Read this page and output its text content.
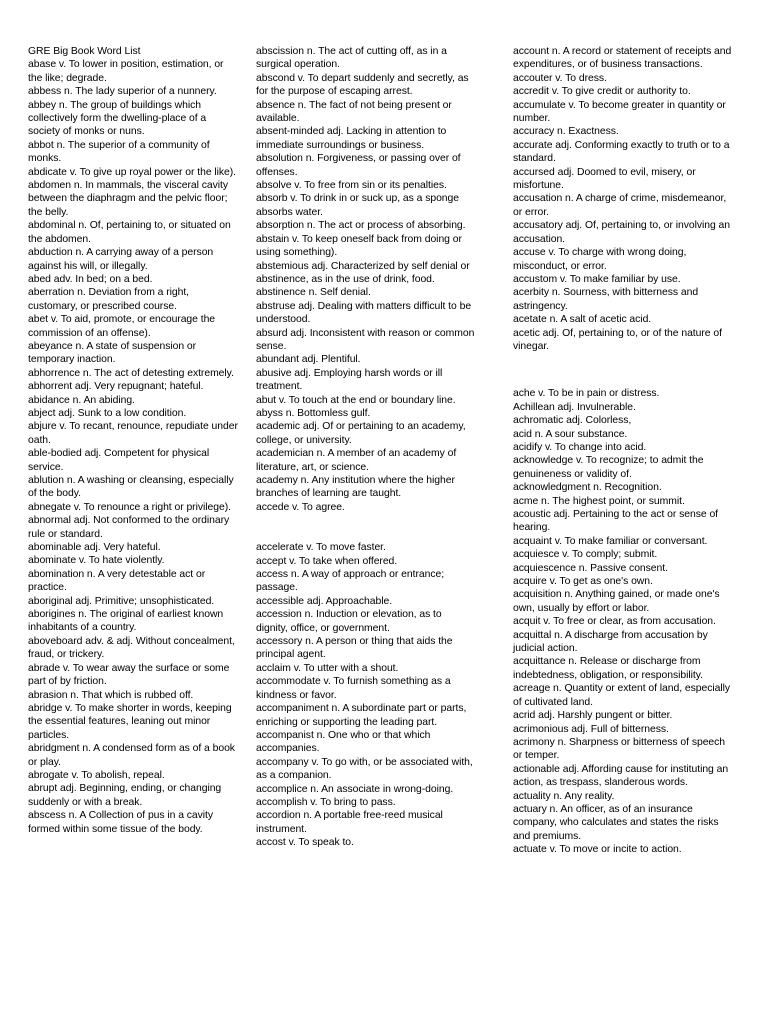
GRE Big Book Word List

abase v. To lower in position, estimation, or the like; degrade.

abbess n. The lady superior of a nunnery.

abbey n. The group of buildings which collectively form the dwelling-place of a society of monks or nuns.

abbot n. The superior of a community of monks.

abdicate v. To give up royal power or the like).

abdomen n. In mammals, the visceral cavity between the diaphragm and the pelvic floor; the belly.

abdominal n. Of, pertaining to, or situated on the abdomen.

abduction n. A carrying away of a person against his will, or illegally.

abed adv. In bed; on a bed.

aberration n. Deviation from a right, customary, or prescribed course.

abet v. To aid, promote, or encourage the commission of an offense).

abeyance n. A state of suspension or temporary inaction.

abhorrence n. The act of detesting extremely.

abhorrent adj. Very repugnant; hateful.

abidance n. An abiding.

abject adj. Sunk to a low condition.

abjure v. To recant, renounce, repudiate under oath.

able-bodied adj. Competent for physical service.

ablution n. A washing or cleansing, especially of the body.

abnegate v. To renounce a right or privilege).

abnormal adj. Not conformed to the ordinary rule or standard.

abominable adj. Very hateful.

abominate v. To hate violently.

abomination n. A very detestable act or practice.

aboriginal adj. Primitive; unsophisticated.

aborigines n. The original of earliest known inhabitants of a country.

aboveboard adv. & adj. Without concealment, fraud, or trickery.

abrade v. To wear away the surface or some part of by friction.

abrasion n. That which is rubbed off.

abridge v. To make shorter in words, keeping the essential features, leaning out minor particles.

abridgment n. A condensed form as of a book or play.

abrogate v. To abolish, repeal.

abrupt adj. Beginning, ending, or changing suddenly or with a break.

abscess n. A Collection of pus in a cavity formed within some tissue of the body.

abscission n. The act of cutting off, as in a surgical operation.

abscond v. To depart suddenly and secretly, as for the purpose of escaping arrest.

absence n. The fact of not being present or available.

absent-minded adj. Lacking in attention to immediate surroundings or business.

absolution n. Forgiveness, or passing over of offenses.

absolve v. To free from sin or its penalties.

absorb v. To drink in or suck up, as a sponge absorbs water.

absorption n. The act or process of absorbing.

abstain v. To keep oneself back from doing or using something).

abstemious adj. Characterized by self denial or abstinence, as in the use of drink, food.

abstinence n. Self denial.

abstruse adj. Dealing with matters difficult to be understood.

absurd adj. Inconsistent with reason or common sense.

abundant adj. Plentiful.

abusive adj. Employing harsh words or ill treatment.

abut v. To touch at the end or boundary line.

abyss n. Bottomless gulf.

academic adj. Of or pertaining to an academy, college, or university.

academician n. A member of an academy of literature, art, or science.

academy n. Any institution where the higher branches of learning are taught.

accede v. To agree.

accelerate v. To move faster.

accept v. To take when offered.

access n. A way of approach or entrance; passage.

accessible adj. Approachable.

accession n. Induction or elevation, as to dignity, office, or government.

accessory n. A person or thing that aids the principal agent.

acclaim v. To utter with a shout.

accommodate v. To furnish something as a kindness or favor.

accompaniment n. A subordinate part or parts, enriching or supporting the leading part.

accompanist n. One who or that which accompanies.

accompany v. To go with, or be associated with, as a companion.

accomplice n. An associate in wrong-doing.

accomplish v. To bring to pass.

accordion n. A portable free-reed musical instrument.

accost v. To speak to.

account n. A record or statement of receipts and expenditures, or of business transactions.

accouter v. To dress.

accredit v. To give credit or authority to.

accumulate v. To become greater in quantity or number.

accuracy n. Exactness.

accurate adj. Conforming exactly to truth or to a standard.

accursed adj. Doomed to evil, misery, or misfortune.

accusation n. A charge of crime, misdemeanor, or error.

accusatory adj. Of, pertaining to, or involving an accusation.

accuse v. To charge with wrong doing, misconduct, or error.

accustom v. To make familiar by use.

acerbity n. Sourness, with bitterness and astringency.

acetate n. A salt of acetic acid.

acetic adj. Of, pertaining to, or of the nature of vinegar.

ache v. To be in pain or distress.

Achillean adj. Invulnerable.

achromatic adj. Colorless,

acid n. A sour substance.

acidify v. To change into acid.

acknowledge v. To recognize; to admit the genuineness or validity of.

acknowledgment n. Recognition.

acme n. The highest point, or summit.

acoustic adj. Pertaining to the act or sense of hearing.

acquaint v. To make familiar or conversant.

acquiesce v. To comply; submit.

acquiescence n. Passive consent.

acquire v. To get as one's own.

acquisition n. Anything gained, or made one's own, usually by effort or labor.

acquit v. To free or clear, as from accusation.

acquittal n. A discharge from accusation by judicial action.

acquittance n. Release or discharge from indebtedness, obligation, or responsibility.

acreage n. Quantity or extent of land, especially of cultivated land.

acrid adj. Harshly pungent or bitter.

acrimonious adj. Full of bitterness.

acrimony n. Sharpness or bitterness of speech or temper.

actionable adj. Affording cause for instituting an action, as trespass, slanderous words.

actuality n. Any reality.

actuary n. An officer, as of an insurance company, who calculates and states the risks and premiums.

actuate v. To move or incite to action.
